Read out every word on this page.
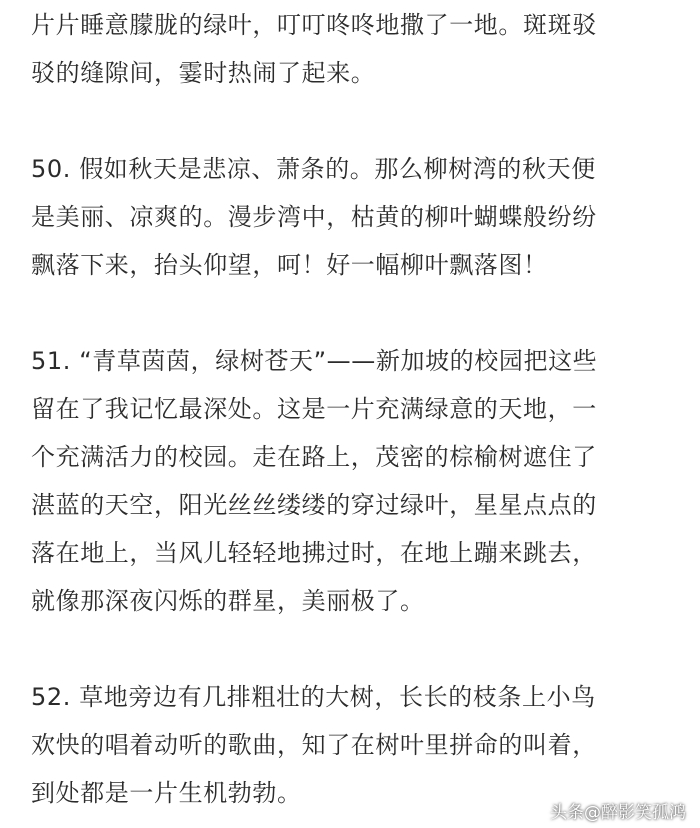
片片睡意朦胧的绿叶，叮叮咚咚地撒了一地。斑斑驳
驳的缝隙间，霎时热闹了起来。
50. 假如秋天是悲凉、萧条的。那么柳树湾的秋天便
是美丽、凉爽的。漫步湾中，枯黄的柳叶蝴蝶般纷纷
飘落下来，抬头仰望，呵！好一幅柳叶飘落图！
51. “青草茵茵，绿树苍天”——新加坡的校园把这些
留在了我记忆最深处。这是一片充满绿意的天地，一
个充满活力的校园。走在路上，茂密的棕榆树遮住了
湛蓝的天空，阳光丝丝缕缕的穿过绿叶，星星点点的
落在地上，当风儿轻轻地拂过时，在地上蹦来跳去，
就像那深夜闪烁的群星，美丽极了。
52. 草地旁边有几排粗壮的大树，长长的枝条上小鸟
欢快的唱着动听的歌曲，知了在树叶里拼命的叫着，
到处都是一片生机勃勃。
头条@醉影笑孤鸿
